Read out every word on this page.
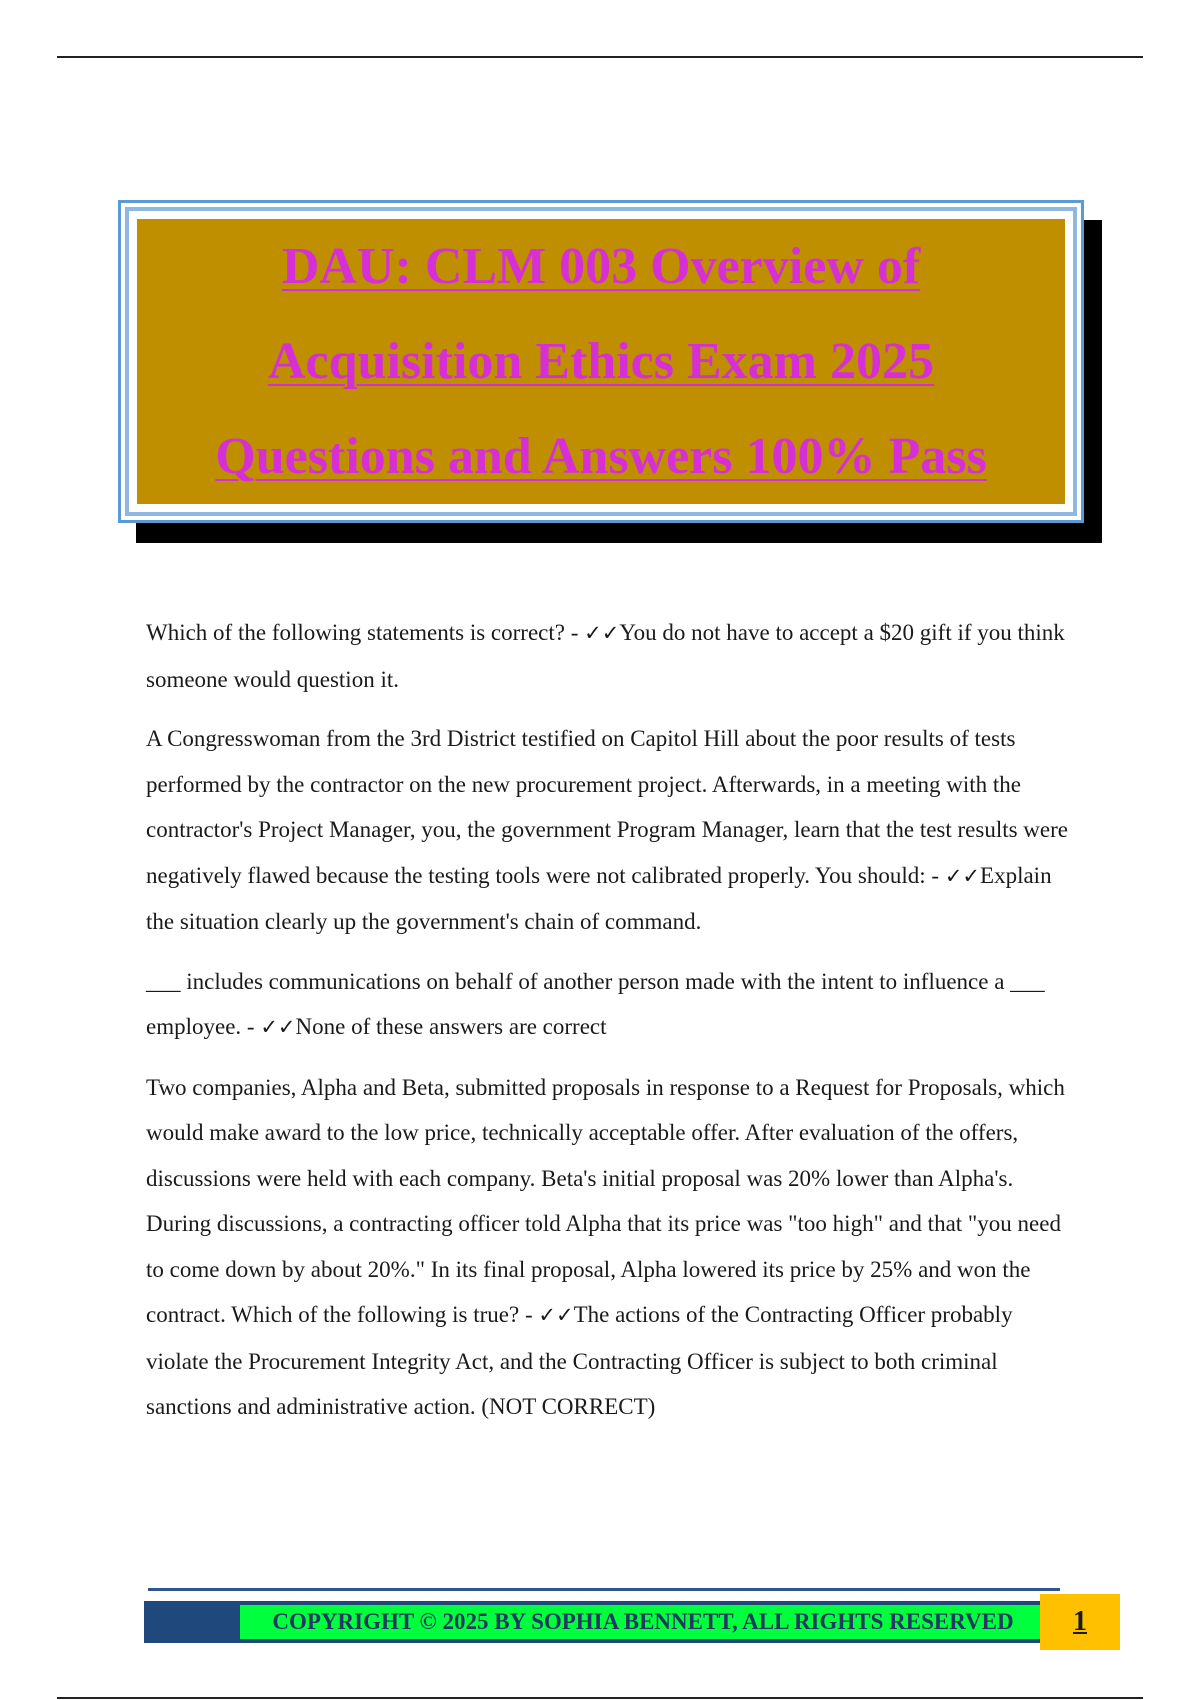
DAU: CLM 003 Overview of
Acquisition Ethics Exam 2025
Questions and Answers 100% Pass

Which of the following statements is correct? - ✓✓You do not have to accept a $20 gift if you think someone would question it.

A Congresswoman from the 3rd District testified on Capitol Hill about the poor results of tests performed by the contractor on the new procurement project. Afterwards, in a meeting with the contractor's Project Manager, you, the government Program Manager, learn that the test results were negatively flawed because the testing tools were not calibrated properly. You should: - ✓✓Explain the situation clearly up the government's chain of command.

___ includes communications on behalf of another person made with the intent to influence a ___ employee. - ✓✓None of these answers are correct

Two companies, Alpha and Beta, submitted proposals in response to a Request for Proposals, which would make award to the low price, technically acceptable offer. After evaluation of the offers, discussions were held with each company. Beta's initial proposal was 20% lower than Alpha's. During discussions, a contracting officer told Alpha that its price was "too high" and that "you need to come down by about 20%." In its final proposal, Alpha lowered its price by 25% and won the contract. Which of the following is true? - ✓✓The actions of the Contracting Officer probably violate the Procurement Integrity Act, and the Contracting Officer is subject to both criminal sanctions and administrative action. (NOT CORRECT)

COPYRIGHT © 2025 BY SOPHIA BENNETT, ALL RIGHTS RESERVED	1
